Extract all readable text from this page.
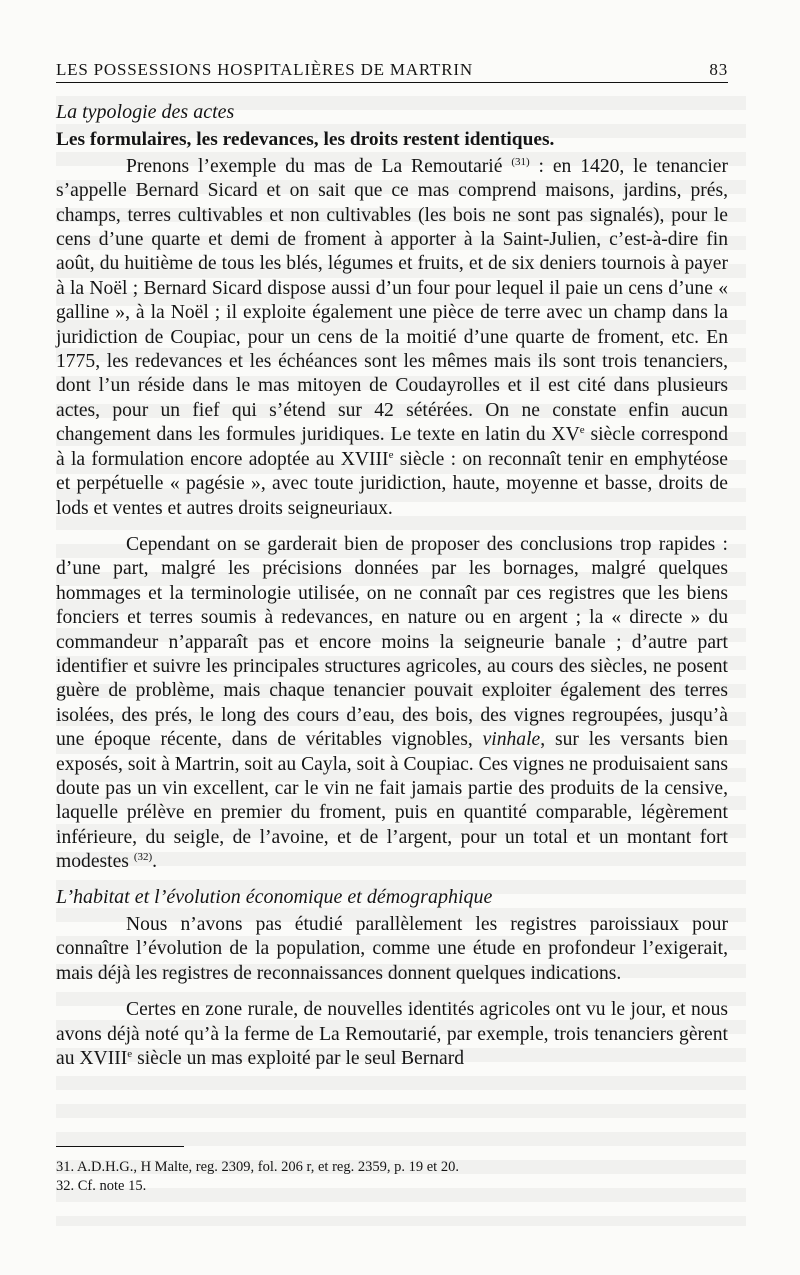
LES POSSESSIONS HOSPITALIÈRES DE MARTRIN	83

La typologie des actes

Les formulaires, les redevances, les droits restent identiques.

Prenons l’exemple du mas de La Remoutarié $^{(31)}$ : en 1420, le tenancier s’appelle Bernard Sicard et on sait que ce mas comprend maisons, jardins, prés, champs, terres cultivables et non cultivables (les bois ne sont pas signalés), pour le cens d’une quarte et demi de froment à apporter à la Saint-Julien, c’est-à-dire fin août, du huitième de tous les blés, légumes et fruits, et de six deniers tournois à payer à la Noël ; Bernard Sicard dispose aussi d’un four pour lequel il paie un cens d’une « galline », à la Noël ; il exploite également une pièce de terre avec un champ dans la juridiction de Coupiac, pour un cens de la moitié d’une quarte de froment, etc. En 1775, les redevances et les échéances sont les mêmes mais ils sont trois tenanciers, dont l’un réside dans le mas mitoyen de Coudayrolles et il est cité dans plusieurs actes, pour un fief qui s’étend sur 42 sétérées. On ne constate enfin aucun changement dans les formules juridiques. Le texte en latin du XVe siècle correspond à la formulation encore adoptée au XVIIIe siècle : on reconnaît tenir en emphytéose et perpétuelle « pagésie », avec toute juridiction, haute, moyenne et basse, droits de lods et ventes et autres droits seigneuriaux.

Cependant on se garderait bien de proposer des conclusions trop rapides : d’une part, malgré les précisions données par les bornages, malgré quelques hommages et la terminologie utilisée, on ne connaît par ces registres que les biens fonciers et terres soumis à redevances, en nature ou en argent ; la « directe » du commandeur n’apparaît pas et encore moins la seigneurie banale ; d’autre part identifier et suivre les principales structures agricoles, au cours des siècles, ne posent guère de problème, mais chaque tenancier pouvait exploiter également des terres isolées, des prés, le long des cours d’eau, des bois, des vignes regroupées, jusqu’à une époque récente, dans de véritables vignobles, vinhale, sur les versants bien exposés, soit à Martrin, soit au Cayla, soit à Coupiac. Ces vignes ne produisaient sans doute pas un vin excellent, car le vin ne fait jamais partie des produits de la censive, laquelle prélève en premier du froment, puis en quantité comparable, légèrement inférieure, du seigle, de l’avoine, et de l’argent, pour un total et un montant fort modestes $^{(32)}$.

L’habitat et l’évolution économique et démographique

Nous n’avons pas étudié parallèlement les registres paroissiaux pour connaître l’évolution de la population, comme une étude en profondeur l’exigerait, mais déjà les registres de reconnaissances donnent quelques indications.

Certes en zone rurale, de nouvelles identités agricoles ont vu le jour, et nous avons déjà noté qu’à la ferme de La Remoutarié, par exemple, trois tenanciers gèrent au XVIIIe siècle un mas exploité par le seul Bernard

31. A.D.H.G., H Malte, reg. 2309, fol. 206 r, et reg. 2359, p. 19 et 20.
32. Cf. note 15.
